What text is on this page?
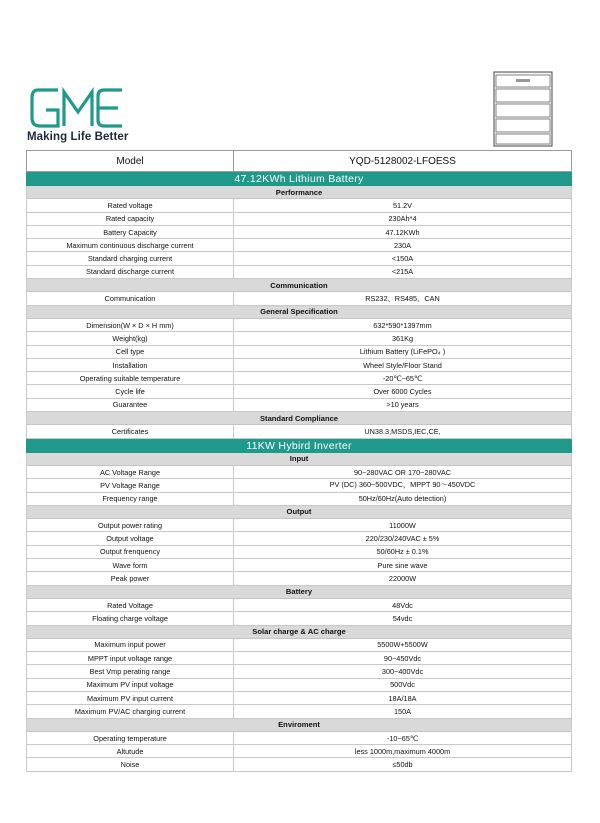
Making Life Better
Model	YQD-5128002-LFOESS
47.12KWh Lithium Battery
Performance
Rated voltage	51.2V
Rated capacity	230Ah*4
Battery Capacity	47.12KWh
Maximum continuous discharge current	230A
Standard charging current	<150A
Standard discharge current	<215A
Communication
Communication	RS232、RS485、CAN
General Specification
Dimension(W × D × H mm)	632*590*1397mm
Weight(kg)	361Kg
Cell type	Lithium Battery (LiFePO₄ )
Installation	Wheel Style/Floor Stand
Operating suitable temperature	-20℃~65℃
Cycle life	Over 6000 Cycles
Guarantee	>10 years
Standard Compliance
Certificates	UN38.3,MSDS,IEC,CE,
11KW Hybird Inverter
Input
AC Voltage Range	90~280VAC OR 170~280VAC
PV Voltage Range	PV (DC) 360~500VDC，MPPT 90～450VDC
Frequency range	50Hz/60Hz(Auto detection)
Output
Output power rating	11000W
Output voltage	220/230/240VAC ± 5%
Output frenquency	50/60Hz ± 0.1%
Wave form	Pure sine wave
Peak power	22000W
Battery
Rated Voltage	48Vdc
Floating charge voltage	54vdc
Solar charge & AC charge
Maximum input power	5500W+5500W
MPPT input voltage range	90~450Vdc
Best Vmp perating range	300~400Vdc
Maximum PV input voltage	500Vdc
Maximum PV input current	18A/18A
Maximum PV/AC charging current	150A
Enviroment
Operating temperature	-10~65℃
Altutude	less 1000m,maximum 4000m
Noise	≤50db
